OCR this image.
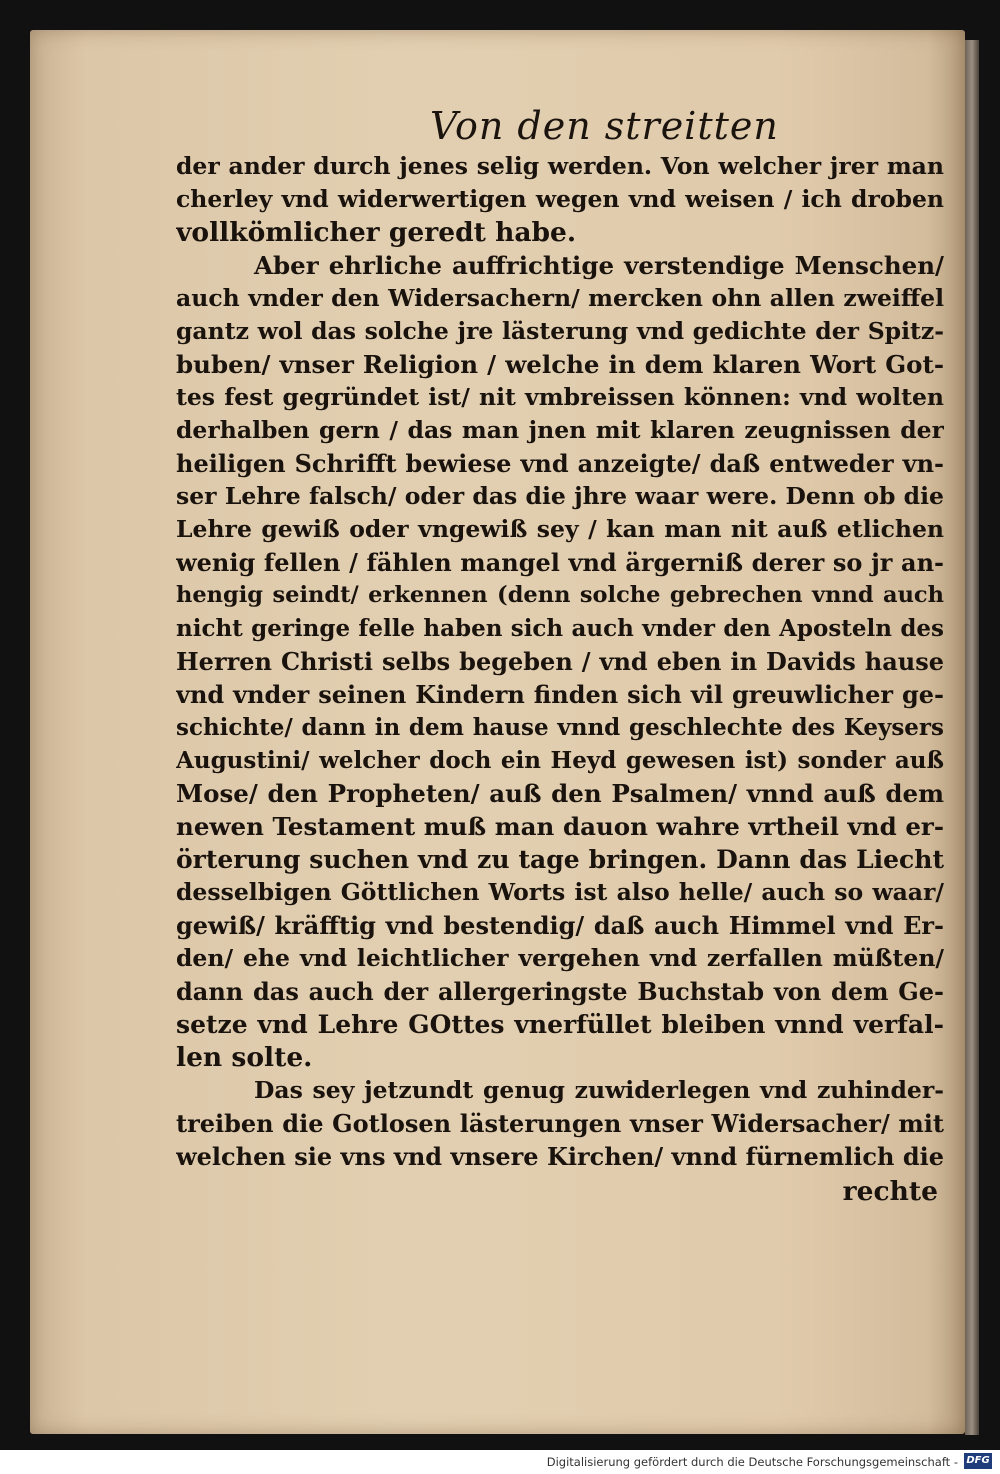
Von den streitten
der ander durch jenes selig werden. Von welcher jrer man
cherley vnd widerwertigen wegen vnd weisen / ich droben
vollkömlicher geredt habe.
Aber ehrliche auffrichtige verstendige Menschen/
auch vnder den Widersachern/ mercken ohn allen zweiffel
gantz wol das solche jre lästerung vnd gedichte der Spitz-
buben/ vnser Religion / welche in dem klaren Wort Got-
tes fest gegründet ist/ nit vmbreissen können: vnd wolten
derhalben gern / das man jnen mit klaren zeugnissen der
heiligen Schrifft bewiese vnd anzeigte/ daß entweder vn-
ser Lehre falsch/ oder das die jhre waar were. Denn ob die
Lehre gewiß oder vngewiß sey / kan man nit auß etlichen
wenig fellen / fählen mangel vnd ärgerniß derer so jr an-
hengig seindt/ erkennen (denn solche gebrechen vnnd auch
nicht geringe felle haben sich auch vnder den Aposteln des
Herren Christi selbs begeben / vnd eben in Davids hause
vnd vnder seinen Kindern finden sich vil greuwlicher ge-
schichte/ dann in dem hause vnnd geschlechte des Keysers
Augustini/ welcher doch ein Heyd gewesen ist) sonder auß
Mose/ den Propheten/ auß den Psalmen/ vnnd auß dem
newen Testament muß man dauon wahre vrtheil vnd er-
örterung suchen vnd zu tage bringen. Dann das Liecht
desselbigen Göttlichen Worts ist also helle/ auch so waar/
gewiß/ kräfftig vnd bestendig/ daß auch Himmel vnd Er-
den/ ehe vnd leichtlicher vergehen vnd zerfallen müßten/
dann das auch der allergeringste Buchstab von dem Ge-
setze vnd Lehre GOttes vnerfüllet bleiben vnnd verfal-
len solte.
Das sey jetzundt genug zuwiderlegen vnd zuhinder-
treiben die Gotlosen lästerungen vnser Widersacher/ mit
welchen sie vns vnd vnsere Kirchen/ vnnd fürnemlich die
rechte
Digitalisierung gefördert durch die Deutsche Forschungsgemeinschaft - DFG
